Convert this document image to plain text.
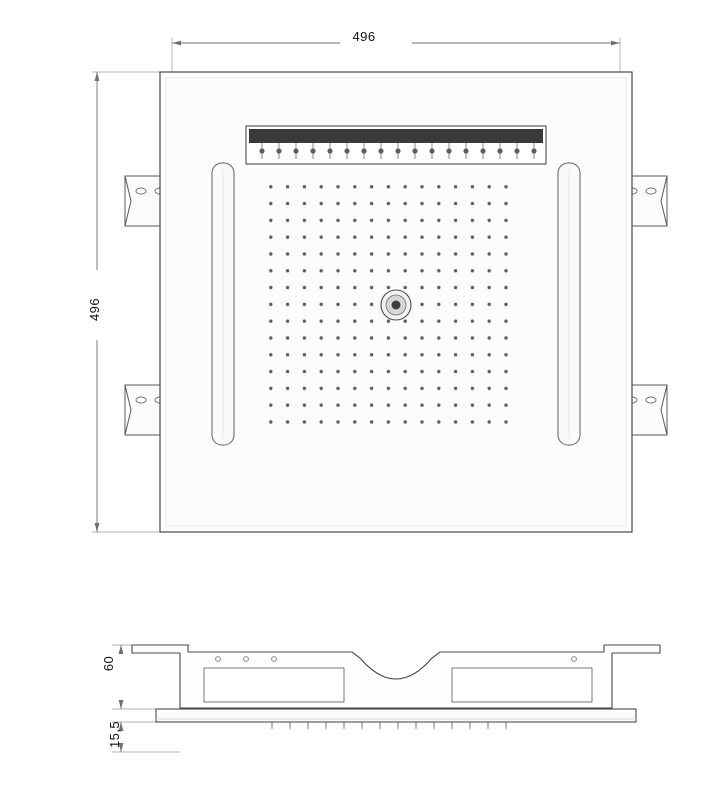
496
496
60
15,5
